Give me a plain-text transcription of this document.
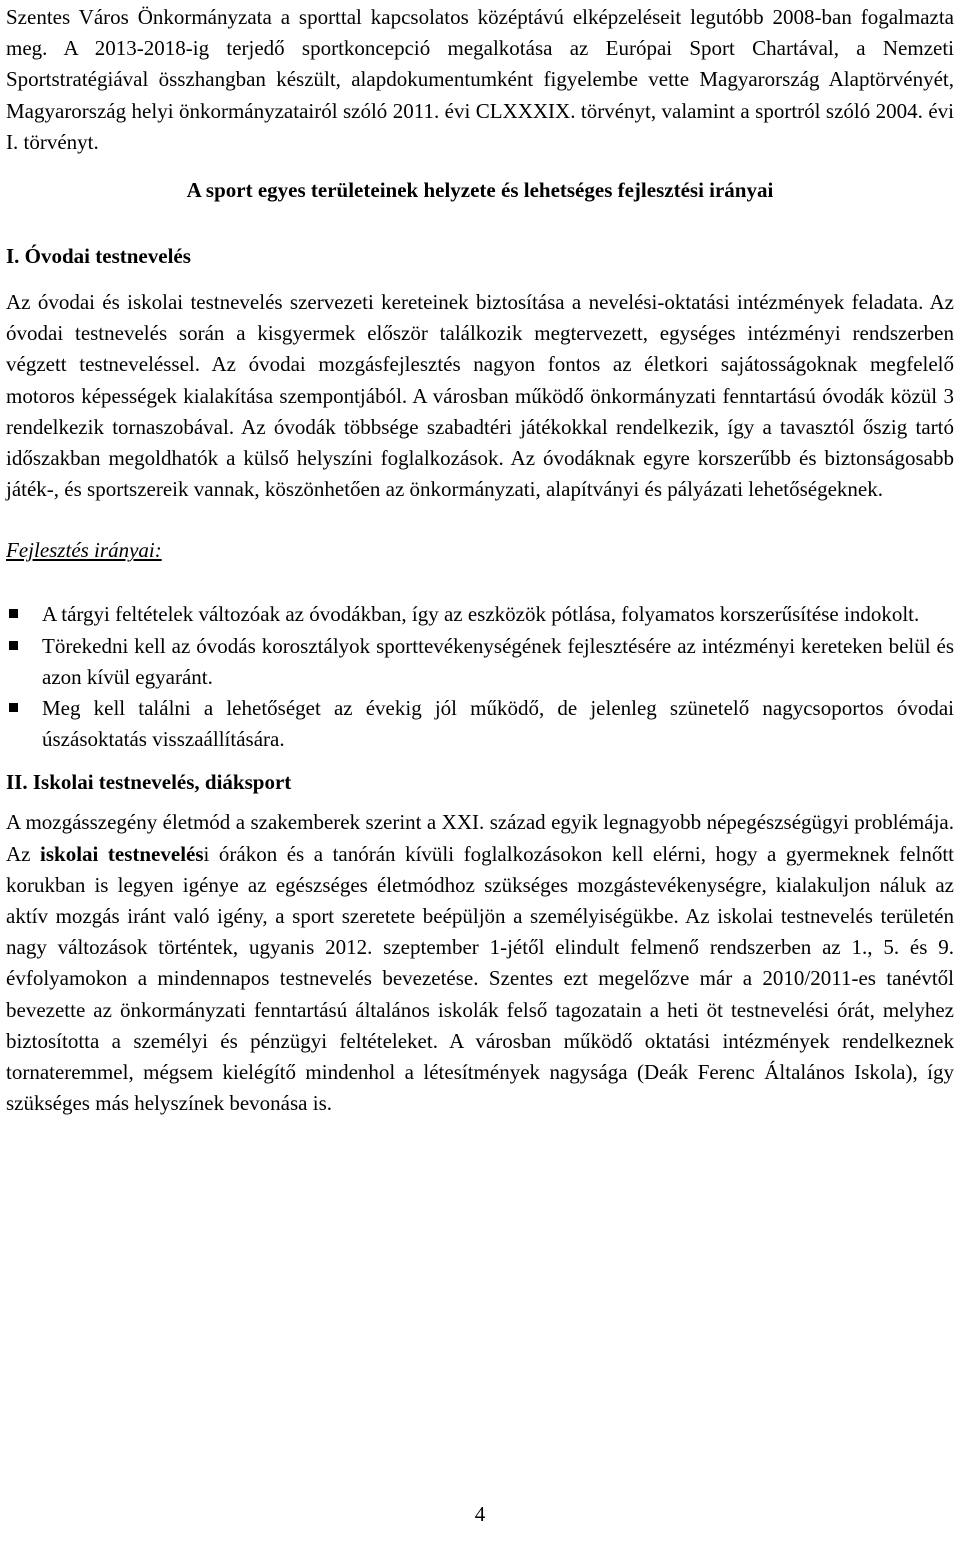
Szentes Város Önkormányzata a sporttal kapcsolatos középtávú elképzeléseit legutóbb 2008-ban fogalmazta meg. A 2013-2018-ig terjedő sportkoncepció megalkotása az Európai Sport Chartával, a Nemzeti Sportstratégiával összhangban készült, alapdokumentumként figyelembe vette Magyarország Alaptörvényét, Magyarország helyi önkormányzatairól szóló 2011. évi CLXXXIX. törvényt, valamint a sportról szóló 2004. évi I. törvényt.

A sport egyes területeinek helyzete és lehetséges fejlesztési irányai
I. Óvodai testnevelés

Az óvodai és iskolai testnevelés szervezeti kereteinek biztosítása a nevelési-oktatási intézmények feladata. Az óvodai testnevelés során a kisgyermek először találkozik megtervezett, egységes intézményi rendszerben végzett testneveléssel. Az óvodai mozgásfejlesztés nagyon fontos az életkori sajátosságoknak megfelelő motoros képességek kialakítása szempontjából. A városban működő önkormányzati fenntartású óvodák közül 3 rendelkezik tornaszobával. Az óvodák többsége szabadtéri játékokkal rendelkezik, így a tavasztól őszig tartó időszakban megoldhatók a külső helyszíni foglalkozások. Az óvodáknak egyre korszerűbb és biztonságosabb játék-, és sportszereik vannak, köszönhetően az önkormányzati, alapítványi és pályázati lehetőségeknek.

Fejlesztés irányai:

A tárgyi feltételek változóak az óvodákban, így az eszközök pótlása, folyamatos korszerűsítése indokolt.
Törekedni kell az óvodás korosztályok sporttevékenységének fejlesztésére az intézményi kereteken belül és azon kívül egyaránt.
Meg kell találni a lehetőséget az évekig jól működő, de jelenleg szünetelő nagycsoportos óvodai úszásoktatás visszaállítására.
II. Iskolai testnevelés, diáksport

A mozgásszegény életmód a szakemberek szerint a XXI. század egyik legnagyobb népegészségügyi problémája. Az iskolai testnevelési órákon és a tanórán kívüli foglalkozásokon kell elérni, hogy a gyermeknek felnőtt korukban is legyen igénye az egészséges életmódhoz szükséges mozgástevékenységre, kialakuljon náluk az aktív mozgás iránt való igény, a sport szeretete beépüljön a személyiségükbe. Az iskolai testnevelés területén nagy változások történtek, ugyanis 2012. szeptember 1-jétől elindult felmenő rendszerben az 1., 5. és 9. évfolyamokon a mindennapos testnevelés bevezetése. Szentes ezt megelőzve már a 2010/2011-es tanévtől bevezette az önkormányzati fenntartású általános iskolák felső tagozatain a heti öt testnevelési órát, melyhez biztosította a személyi és pénzügyi feltételeket. A városban működő oktatási intézmények rendelkeznek tornateremmel, mégsem kielégítő mindenhol a létesítmények nagysága (Deák Ferenc Általános Iskola), így szükséges más helyszínek bevonása is.

4
